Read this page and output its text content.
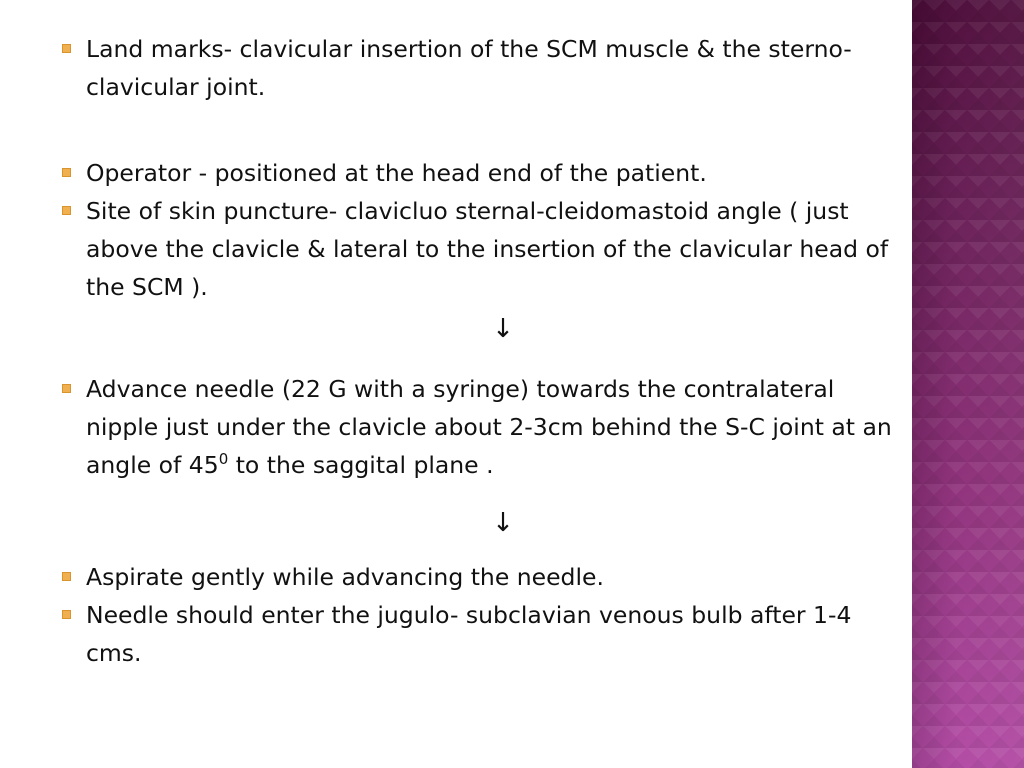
Land marks- clavicular insertion of the SCM muscle & the sterno-clavicular joint.
Operator - positioned at the head end of the patient.
Site of skin puncture- clavicluo sternal-cleidomastoid angle ( just above the clavicle & lateral to the insertion of the clavicular head of the SCM ).
↓
Advance needle (22 G with a syringe) towards the contralateral nipple just under the clavicle about 2-3cm behind the S-C joint at an angle of $45^0$ to the saggital plane .
↓
Aspirate gently while advancing the needle.
Needle should enter the jugulo- subclavian venous bulb after 1-4 cms.
